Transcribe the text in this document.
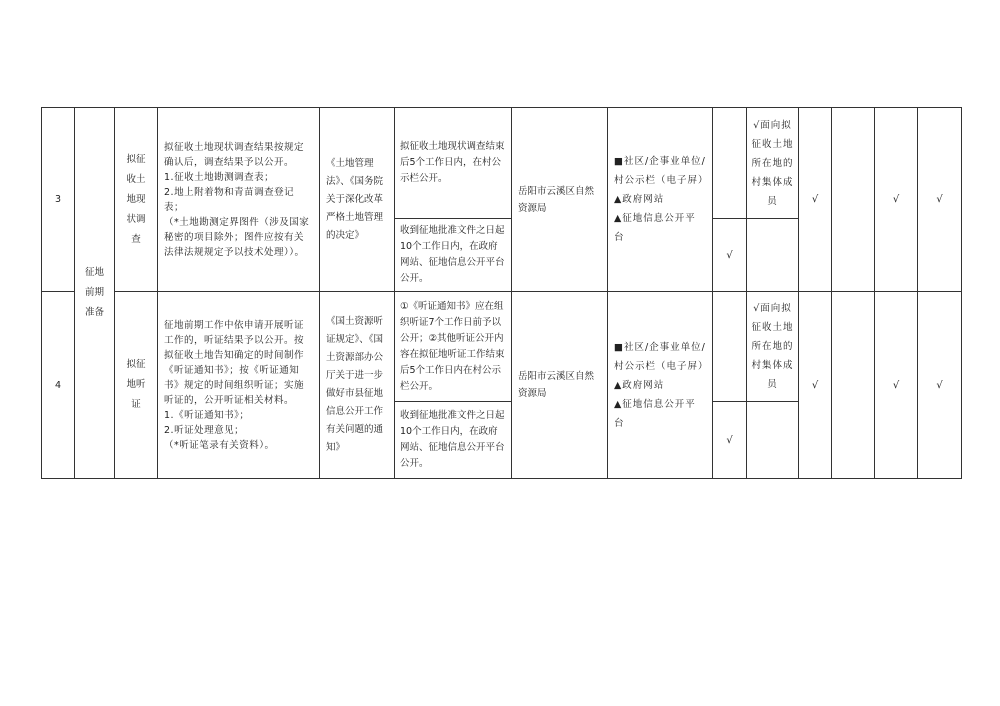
3	征地前期准备	拟征收土地现状调查	拟征收土地现状调查结果按规定确认后，调查结果予以公开。
1.征收土地勘测调查表；
2.地上附着物和青苗调查登记表；
（*土地勘测定界图件（涉及国家秘密的项目除外；图件应按有关法律法规规定予以技术处理））。	《土地管理法》、《国务院关于深化改革严格土地管理的决定》	拟征收土地现状调查结束后5个工作日内，在村公示栏公开。	岳阳市云溪区自然资源局	■社区/企事业单位/村公示栏（电子屏）
▲政府网站
▲征地信息公开平台		√面向拟征收土地所在地的村集体成员	√		√	√
					收到征地批准文件之日起10个工作日内，在政府网站、征地信息公开平台公开。			√					
4		拟征地听证	征地前期工作中依申请开展听证工作的，听证结果予以公开。按拟征收土地告知确定的时间制作《听证通知书》；按《听证通知书》规定的时间组织听证；实施听证的，公开听证相关材料。
1.《听证通知书》；
2.听证处理意见；
（*听证笔录有关资料）。	《国土资源听证规定》、《国土资源部办公厅关于进一步做好市县征地信息公开工作有关问题的通知》	①《听证通知书》应在组织听证7个工作日前予以公开；②其他听证公开内容在拟征地听证工作结束后5个工作日内在村公示栏公开。	岳阳市云溪区自然资源局	■社区/企事业单位/村公示栏（电子屏）
▲政府网站
▲征地信息公开平台		√面向拟征收土地所在地的村集体成员	√		√	√
					收到征地批准文件之日起10个工作日内，在政府网站、征地信息公开平台公开。			√					
